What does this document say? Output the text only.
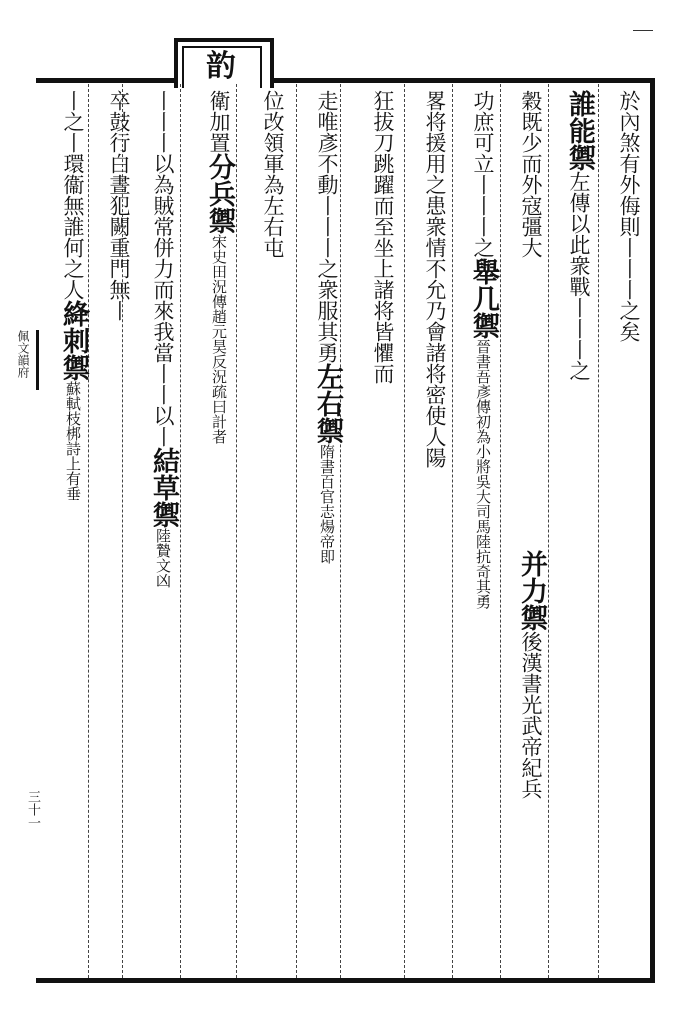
䪨
於內煞有外侮則丨丨丨之矣
誰能禦左傳以此衆戰丨丨丨之
并力禦後漢書光武帝紀兵
穀既少而外寇彊大
功庶可立丨丨丨之舉几禦晉書吾彥傳初為小將吳大司馬陸抗奇其勇
畧将援用之患衆情不允乃會諸将密使人陽
狂拔刀跳躍而至坐上諸将皆懼而
走唯彥不動丨丨丨之衆服其勇左右禦隋書百官志煬帝即
位改領軍為左右屯
衛加置分兵禦宋史田況傳趙元昊反況疏曰計者
丨丨丨以為賊常併力而來我當丨丨以丨結草禦陸贄文凶
卒鼓行白晝犯闕重門無丨
丨之丨環衞無誰何之人絳刺禦蘇軾枝梆詩上有垂
佩文韻府
三十一
